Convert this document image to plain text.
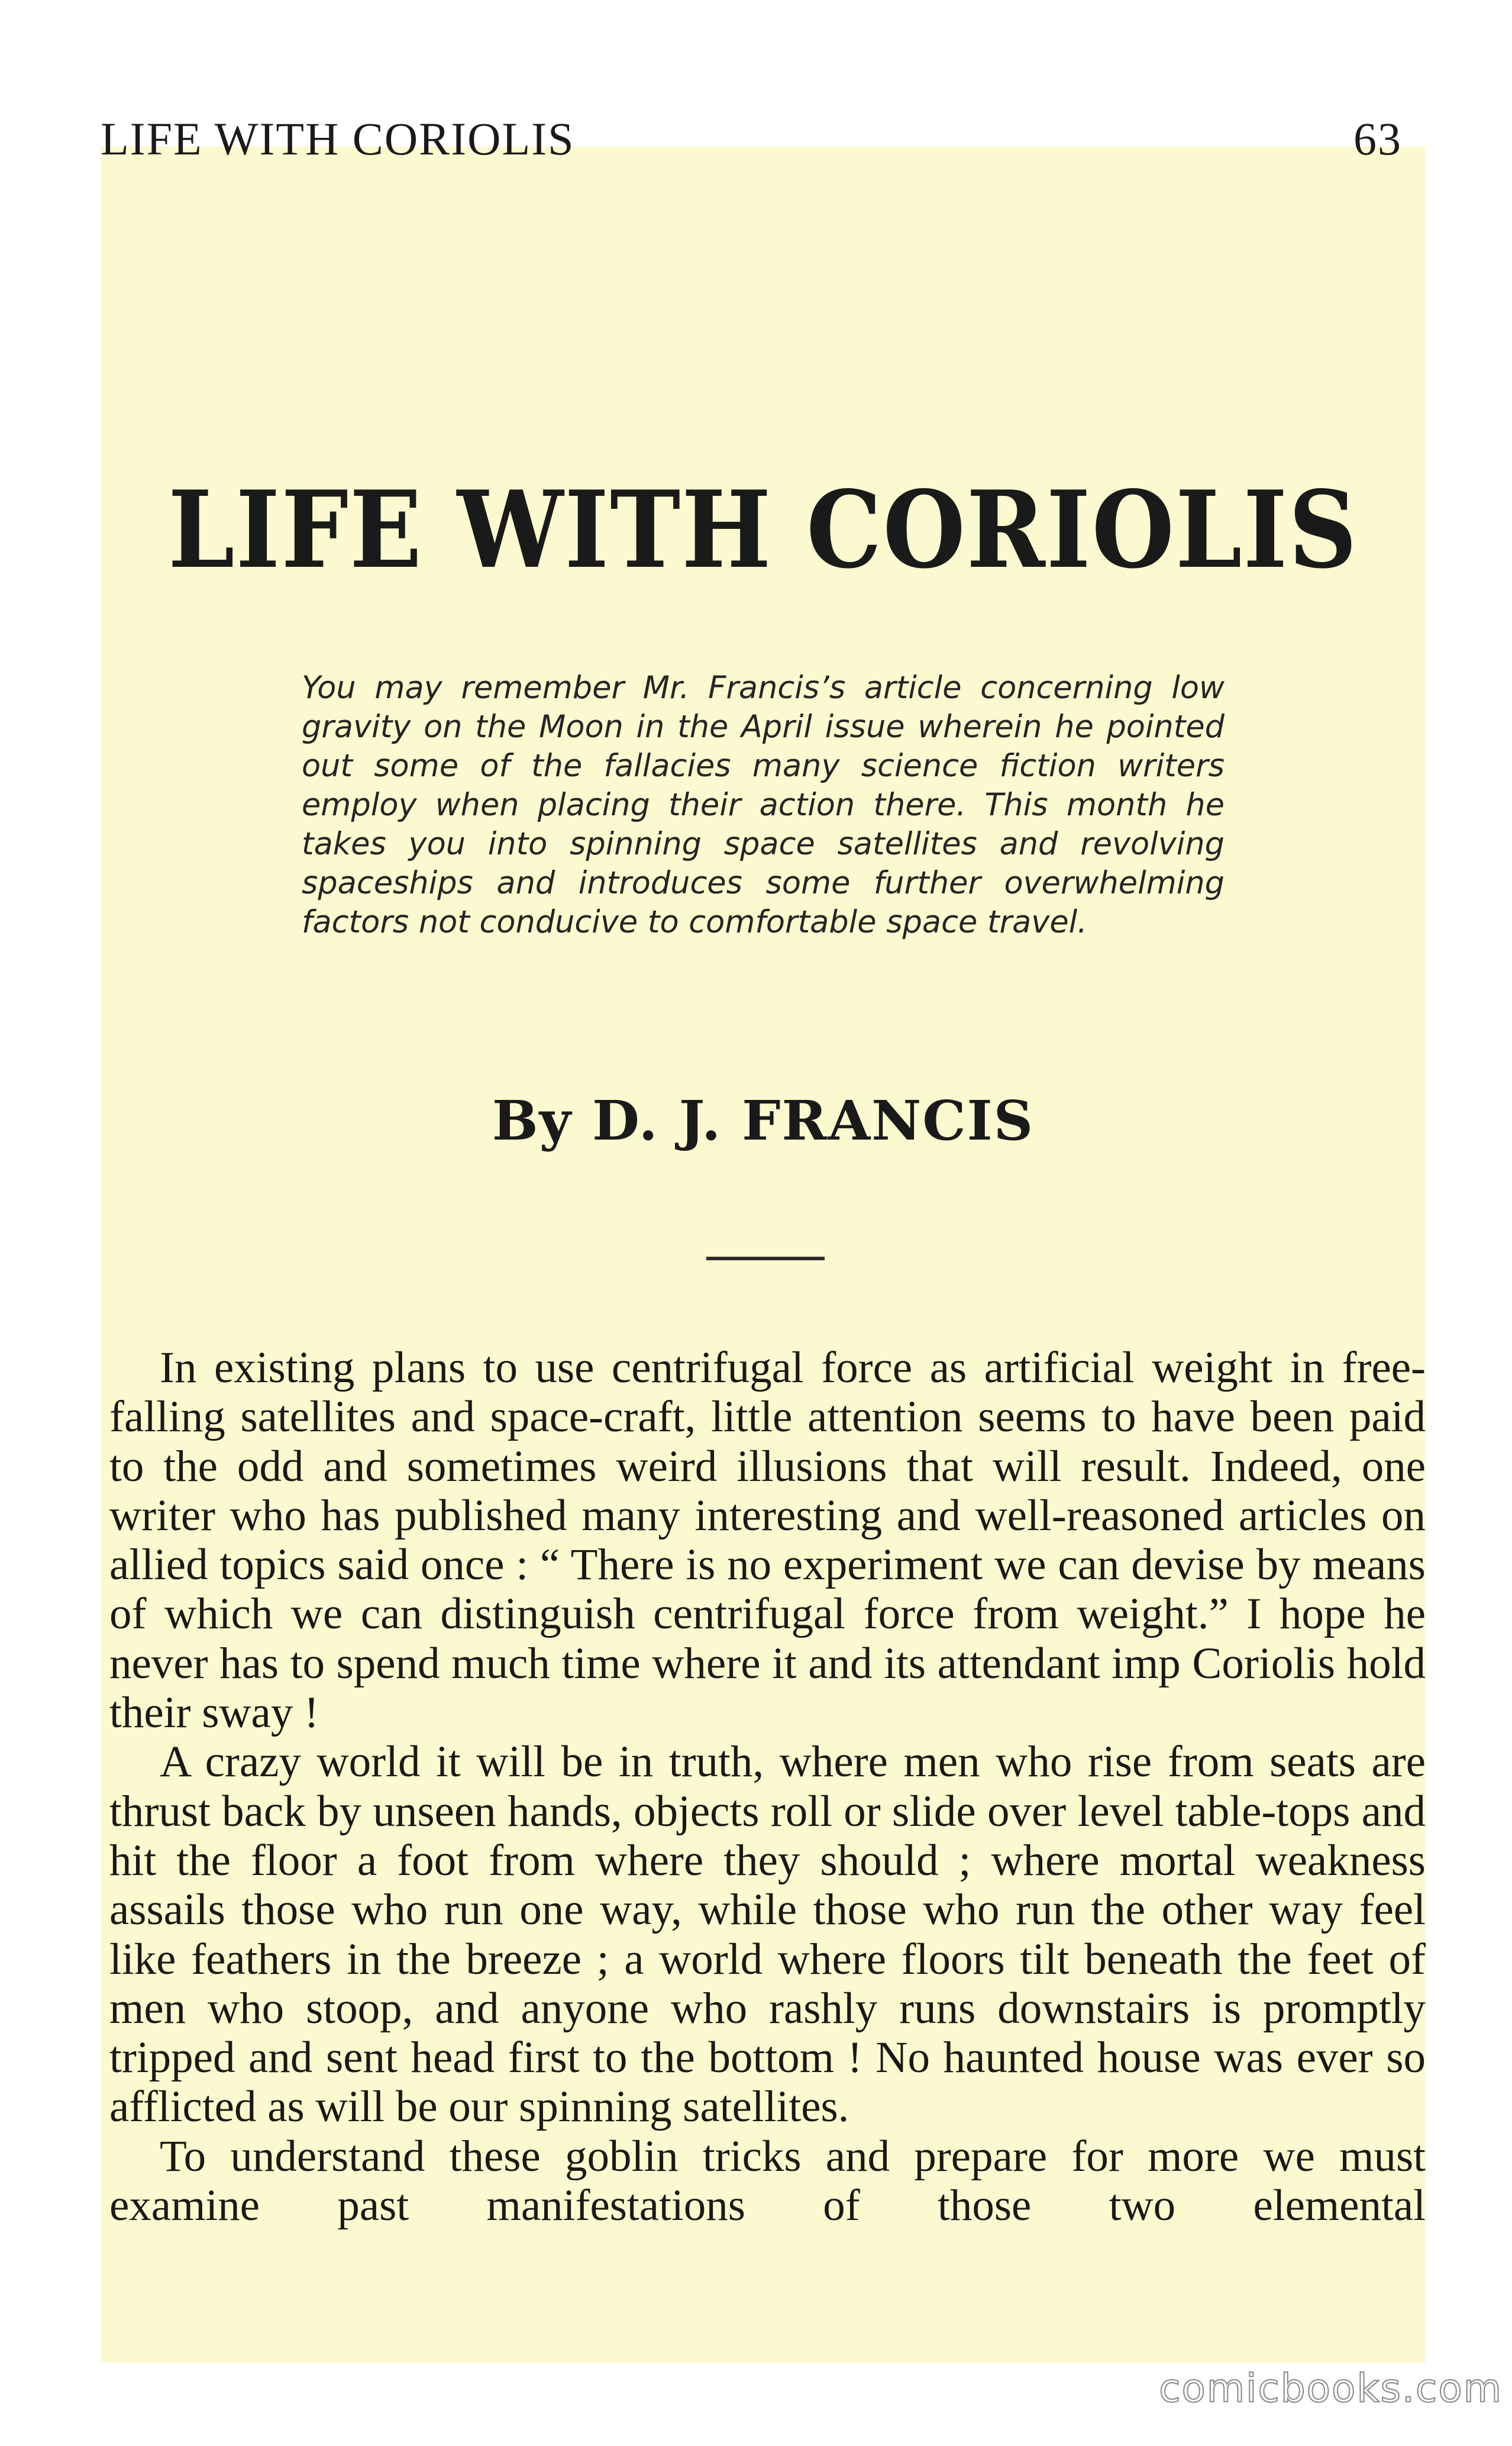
LIFE WITH CORIOLIS	63
LIFE WITH CORIOLIS
You may remember Mr. Francis’s article concerning low gravity on the Moon in the April issue wherein he pointed out some of the fallacies many science fiction writers employ when placing their action there. This month he takes you into spinning space satellites and revolving spaceships and introduces some further overwhelming factors not conducive to comfortable space travel.
By D. J. FRANCIS

In existing plans to use centrifugal force as artificial weight in free-falling satellites and space-craft, little attention seems to have been paid to the odd and sometimes weird illusions that will result. Indeed, one writer who has published many interesting and well-reasoned articles on allied topics said once : “ There is no experiment we can devise by means of which we can distinguish centrifugal force from weight.” I hope he never has to spend much time where it and its attendant imp Coriolis hold their sway !

A crazy world it will be in truth, where men who rise from seats are thrust back by unseen hands, objects roll or slide over level table-tops and hit the floor a foot from where they should ; where mortal weakness assails those who run one way, while those who run the other way feel like feathers in the breeze ; a world where floors tilt beneath the feet of men who stoop, and anyone who rashly runs downstairs is promptly tripped and sent head first to the bottom ! No haunted house was ever so afflicted as will be our spinning satellites.

To understand these goblin tricks and prepare for more we must examine past manifestations of those two elemental

comicbooks.com
